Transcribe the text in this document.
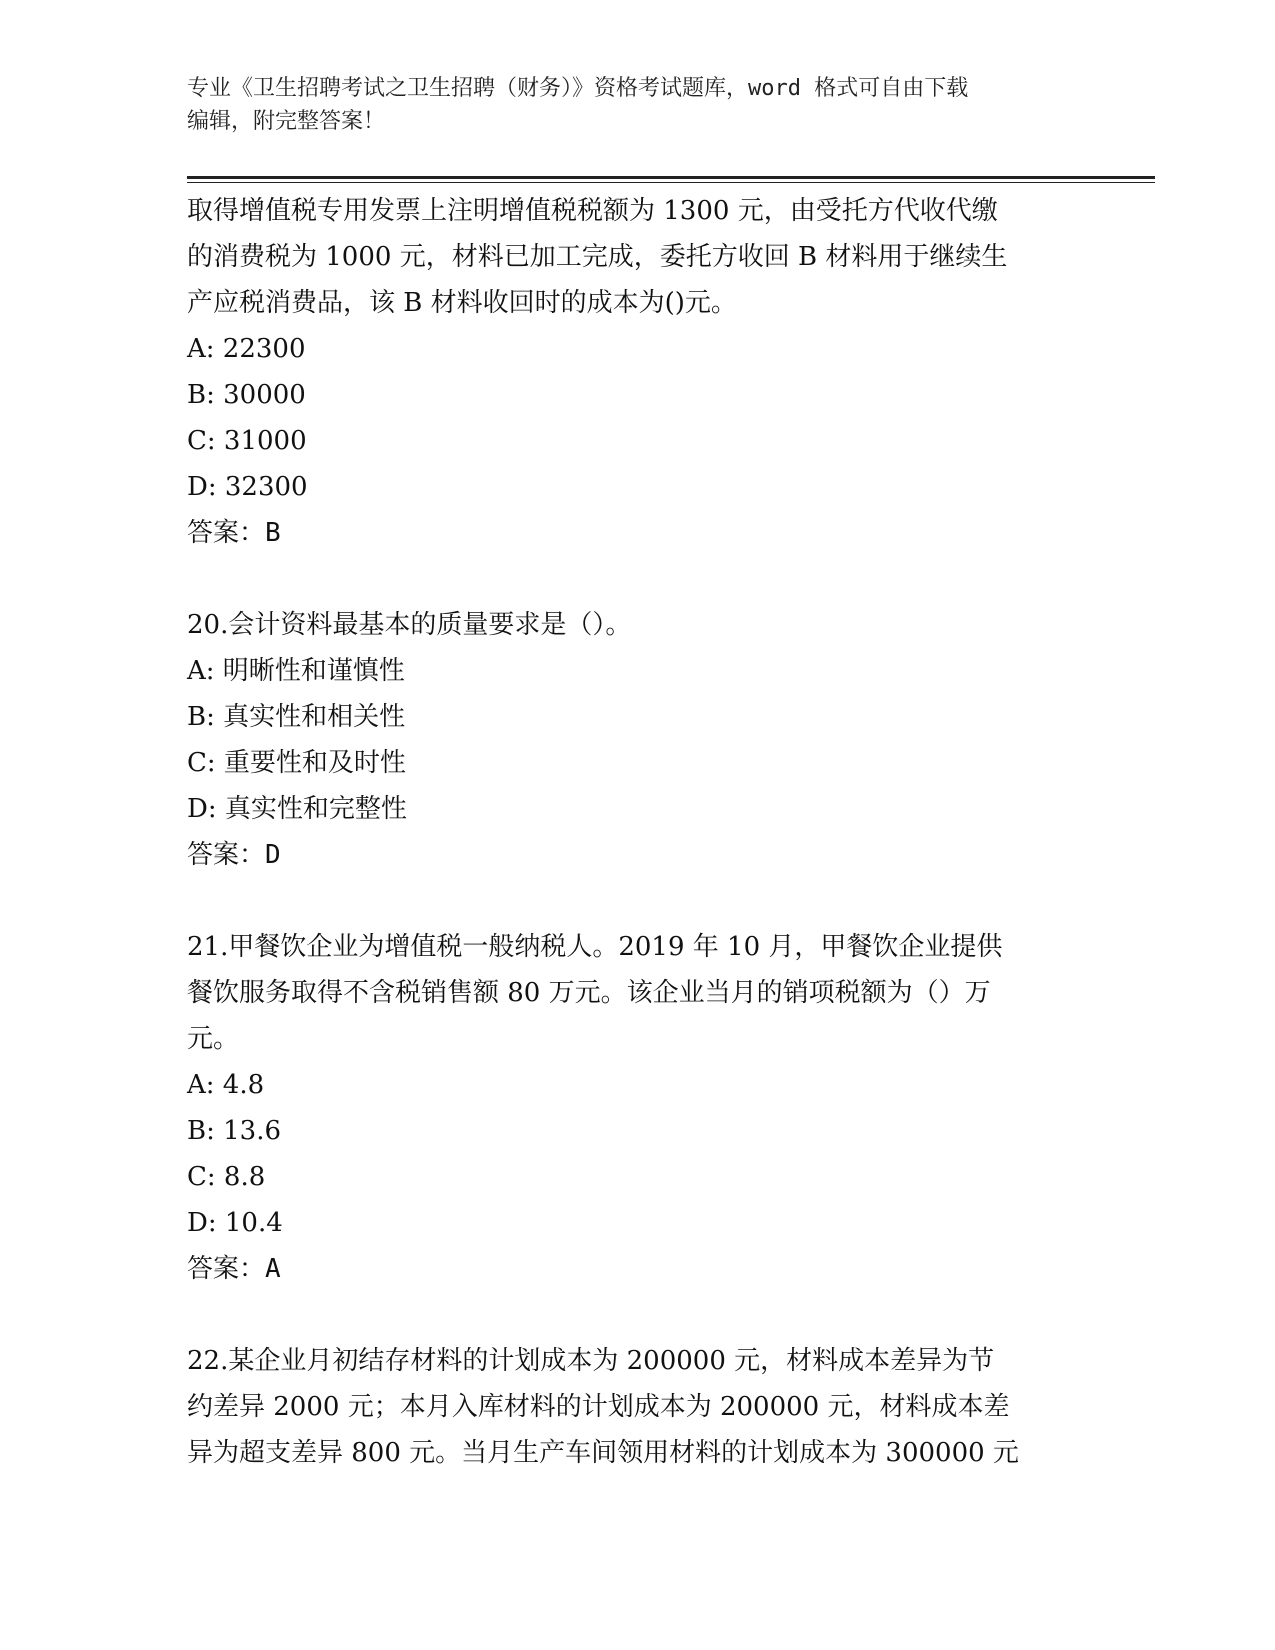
专业《卫生招聘考试之卫生招聘（财务）》资格考试题库，word 格式可自由下载
编辑，附完整答案！

取得增值税专用发票上注明增值税税额为 1300 元，由受托方代收代缴

的消费税为 1000 元，材料已加工完成，委托方收回 B 材料用于继续生

产应税消费品，该 B 材料收回时的成本为()元。

A: 22300

B: 30000

C: 31000

D: 32300

答案：B

20.会计资料最基本的质量要求是（）。

A: 明晰性和谨慎性

B: 真实性和相关性

C: 重要性和及时性

D: 真实性和完整性

答案：D

21.甲餐饮企业为增值税一般纳税人。2019 年 10 月，甲餐饮企业提供

餐饮服务取得不含税销售额 80 万元。该企业当月的销项税额为（）万

元。

A: 4.8

B: 13.6

C: 8.8

D: 10.4

答案：A

22.某企业月初结存材料的计划成本为 200000 元，材料成本差异为节

约差异 2000 元；本月入库材料的计划成本为 200000 元，材料成本差

异为超支差异 800 元。当月生产车间领用材料的计划成本为 300000 元
